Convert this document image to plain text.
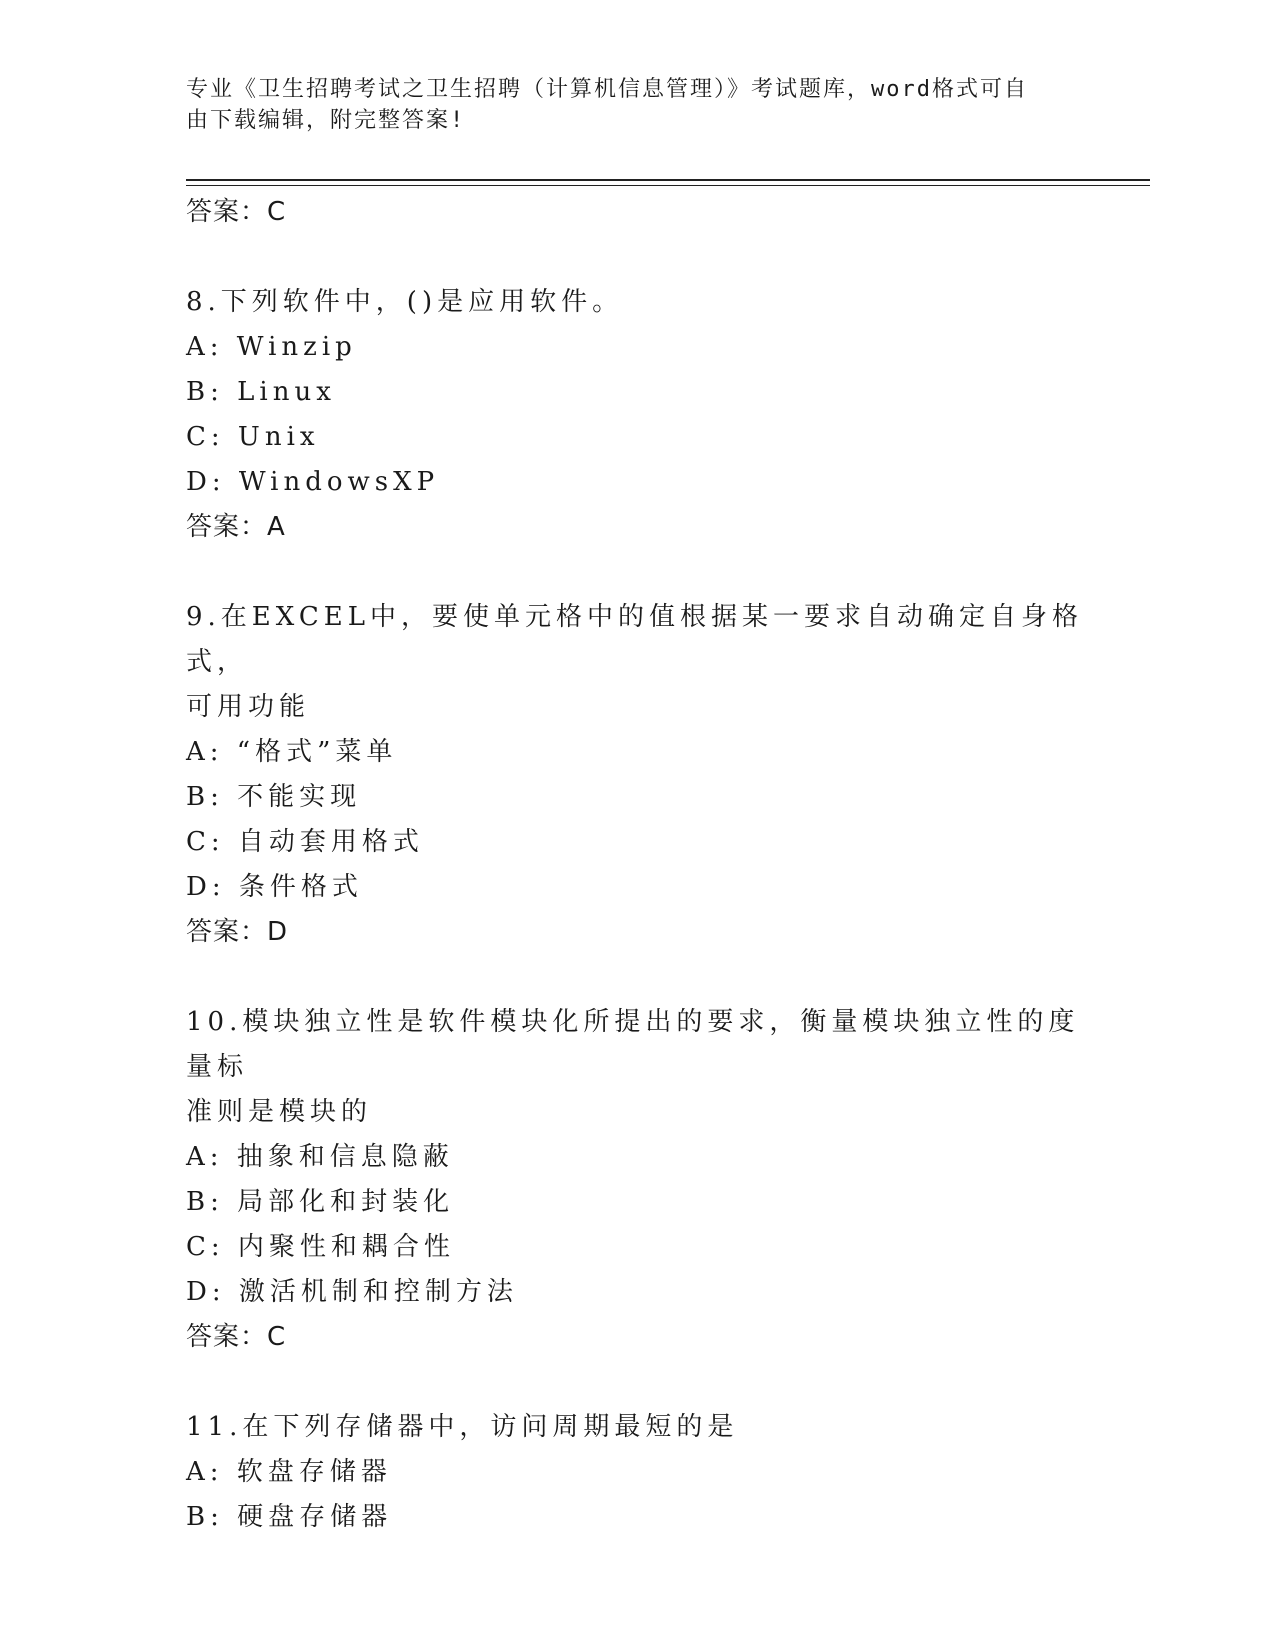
专业《卫生招聘考试之卫生招聘（计算机信息管理）》考试题库，word格式可自
由下载编辑，附完整答案!
答案：C
8.下列软件中，()是应用软件。
A: Winzip
B: Linux
C: Unix
D: WindowsXP
答案：A
9.在EXCEL中，要使单元格中的值根据某一要求自动确定自身格式，
可用功能
A: “格式”菜单
B: 不能实现
C: 自动套用格式
D: 条件格式
答案：D
10.模块独立性是软件模块化所提出的要求，衡量模块独立性的度量标
准则是模块的
A: 抽象和信息隐蔽
B: 局部化和封装化
C: 内聚性和耦合性
D: 激活机制和控制方法
答案：C
11.在下列存储器中，访问周期最短的是
A: 软盘存储器
B: 硬盘存储器
